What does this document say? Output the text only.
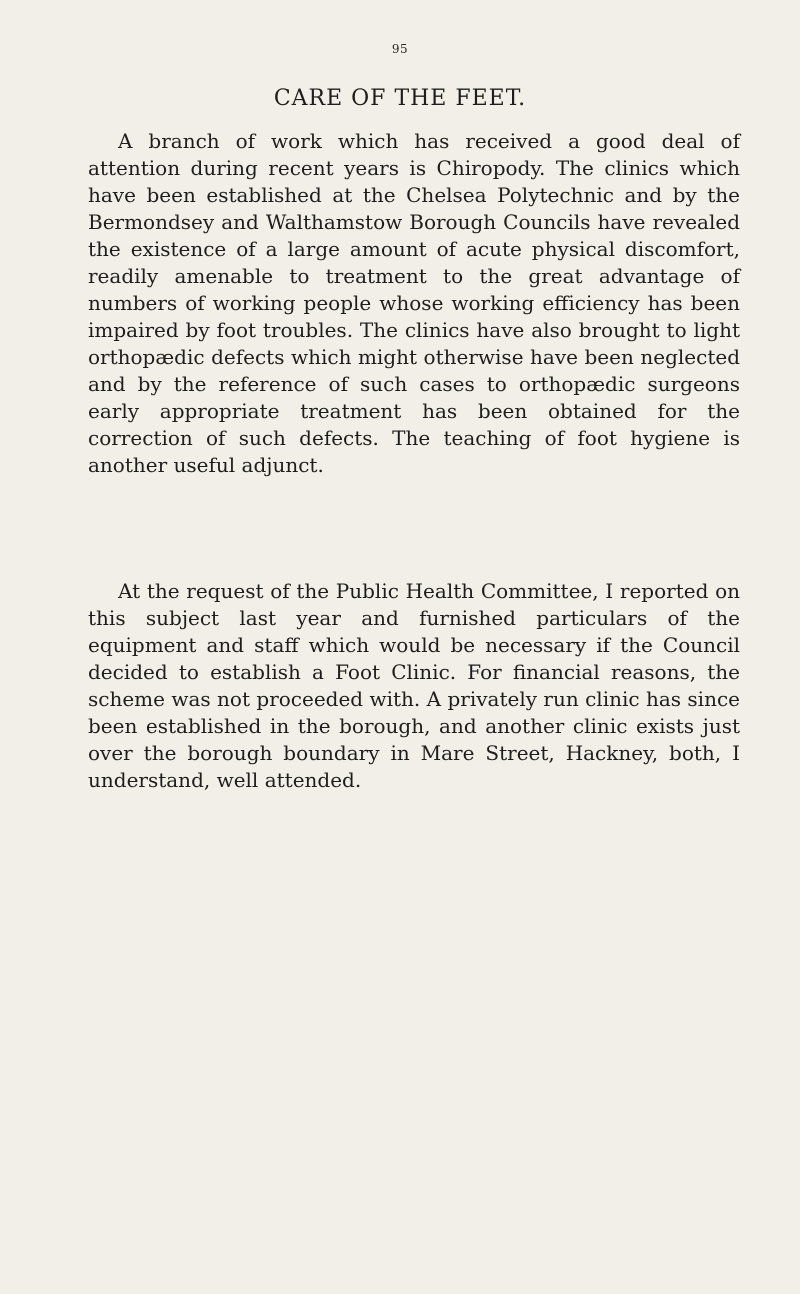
95
CARE OF THE FEET.

A branch of work which has received a good deal of attention during recent years is Chiropody. The clinics which have been established at the Chelsea Polytechnic and by the Bermondsey and Walthamstow Borough Councils have revealed the existence of a large amount of acute physical discomfort, readily amenable to treatment to the great advantage of numbers of working people whose working efficiency has been impaired by foot troubles. The clinics have also brought to light orthopædic defects which might otherwise have been neglected and by the reference of such cases to orthopædic surgeons early appropriate treatment has been obtained for the correction of such defects. The teaching of foot hygiene is another useful adjunct.

At the request of the Public Health Committee, I reported on this subject last year and furnished particulars of the equipment and staff which would be necessary if the Council decided to establish a Foot Clinic. For financial reasons, the scheme was not proceeded with. A privately run clinic has since been established in the borough, and another clinic exists just over the borough boundary in Mare Street, Hackney, both, I understand, well attended.
